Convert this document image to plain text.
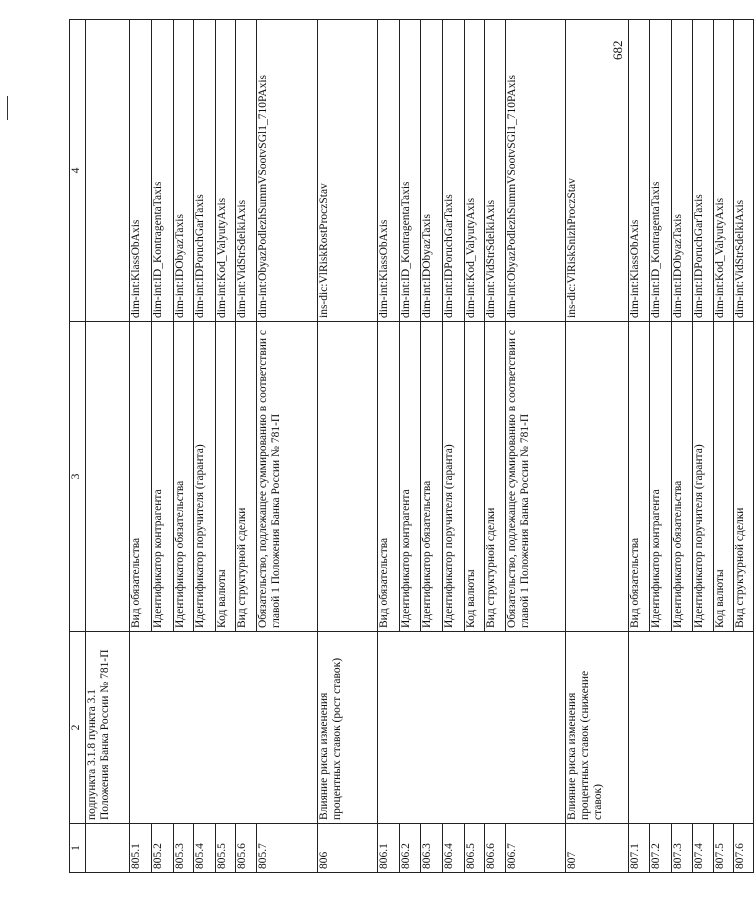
1	2	3	4
	подпункта 3.1.8 пункта 3.1 Положения Банка России № 781-П		
805.1		Вид обязательства	dim-int:KlassObAxis
805.2		Идентификатор контрагента	dim-int:ID_KontragentaTaxis
805.3		Идентификатор обязательства	dim-int:IDObyazTaxis
805.4		Идентификатор поручителя (гаранта)	dim-int:IDPoruchGarTaxis
805.5		Код валюты	dim-int:Kod_ValyutyAxis
805.6		Вид структурной сделки	dim-int:VidStrSdelkiAxis
805.7		Обязательство, подлежащее суммированию в соответствии с главой 1 Положения Банка России № 781-П	dim-int:ObyazPodlezhSummVSootvSGl1_710PAxis
806	Влияние риска изменения процентных ставок (рост ставок)		ins-dic:VlRiskRostProczStav
806.1		Вид обязательства	dim-int:KlassObAxis
806.2		Идентификатор контрагента	dim-int:ID_KontragentaTaxis
806.3		Идентификатор обязательства	dim-int:IDObyazTaxis
806.4		Идентификатор поручителя (гаранта)	dim-int:IDPoruchGarTaxis
806.5		Код валюты	dim-int:Kod_ValyutyAxis
806.6		Вид структурной сделки	dim-int:VidStrSdelkiAxis
806.7		Обязательство, подлежащее суммированию в соответствии с главой 1 Положения Банка России № 781-П	dim-int:ObyazPodlezhSummVSootvSGl1_710PAxis
807	Влияние риска изменения процентных ставок (снижение ставок)		ins-dic:VlRiskSnizhProczStav
807.1		Вид обязательства	dim-int:KlassObAxis
807.2		Идентификатор контрагента	dim-int:ID_KontragentaTaxis
807.3		Идентификатор обязательства	dim-int:IDObyazTaxis
807.4		Идентификатор поручителя (гаранта)	dim-int:IDPoruchGarTaxis
807.5		Код валюты	dim-int:Kod_ValyutyAxis
807.6		Вид структурной сделки	dim-int:VidStrSdelkiAxis
682
